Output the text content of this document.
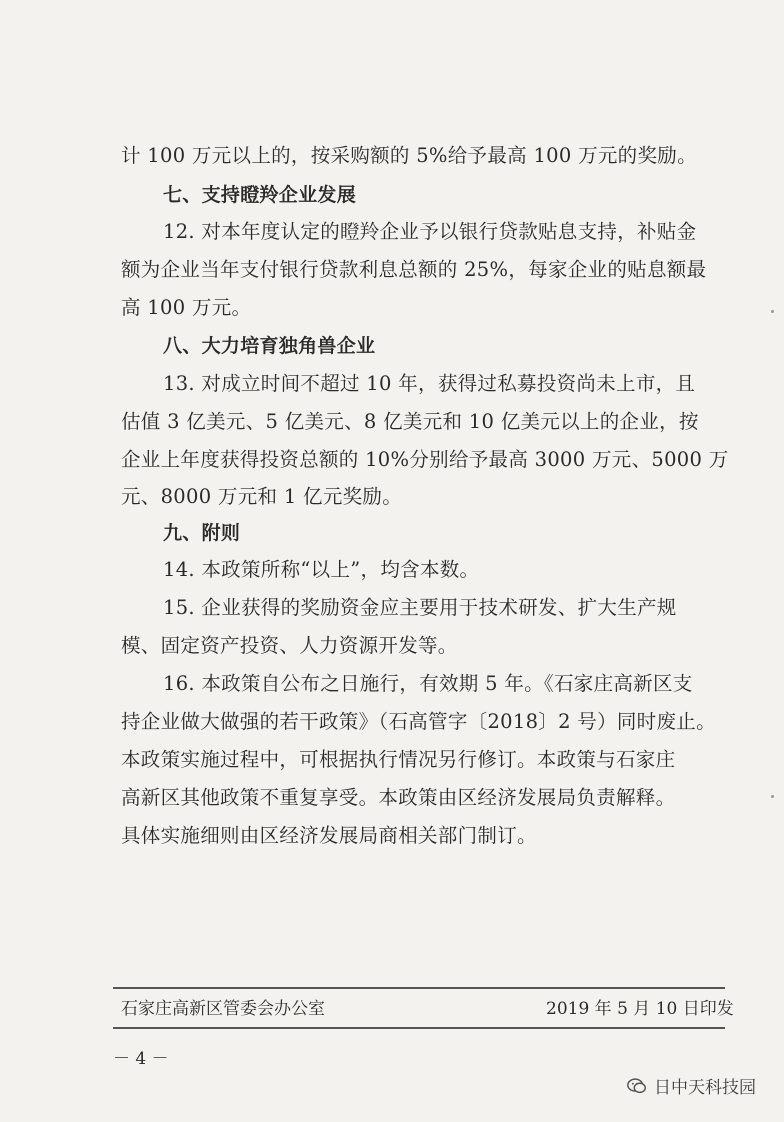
计 100 万元以上的，按采购额的 5%给予最高 100 万元的奖励。
七、支持瞪羚企业发展
12. 对本年度认定的瞪羚企业予以银行贷款贴息支持，补贴金
额为企业当年支付银行贷款利息总额的 25%，每家企业的贴息额最
高 100 万元。
八、大力培育独角兽企业
13. 对成立时间不超过 10 年，获得过私募投资尚未上市，且
估值 3 亿美元、5 亿美元、8 亿美元和 10 亿美元以上的企业，按
企业上年度获得投资总额的 10%分别给予最高 3000 万元、5000 万
元、8000 万元和 1 亿元奖励。
九、附则
14. 本政策所称“以上”，均含本数。
15. 企业获得的奖励资金应主要用于技术研发、扩大生产规
模、固定资产投资、人力资源开发等。
16. 本政策自公布之日施行，有效期 5 年。《石家庄高新区支
持企业做大做强的若干政策》（石高管字〔2018〕2 号）同时废止。
本政策实施过程中，可根据执行情况另行修订。本政策与石家庄
高新区其他政策不重复享受。本政策由区经济发展局负责解释。
具体实施细则由区经济发展局商相关部门制订。
石家庄高新区管委会办公室	2019 年 5 月 10 日印发
－ 4 －
日中天科技园
